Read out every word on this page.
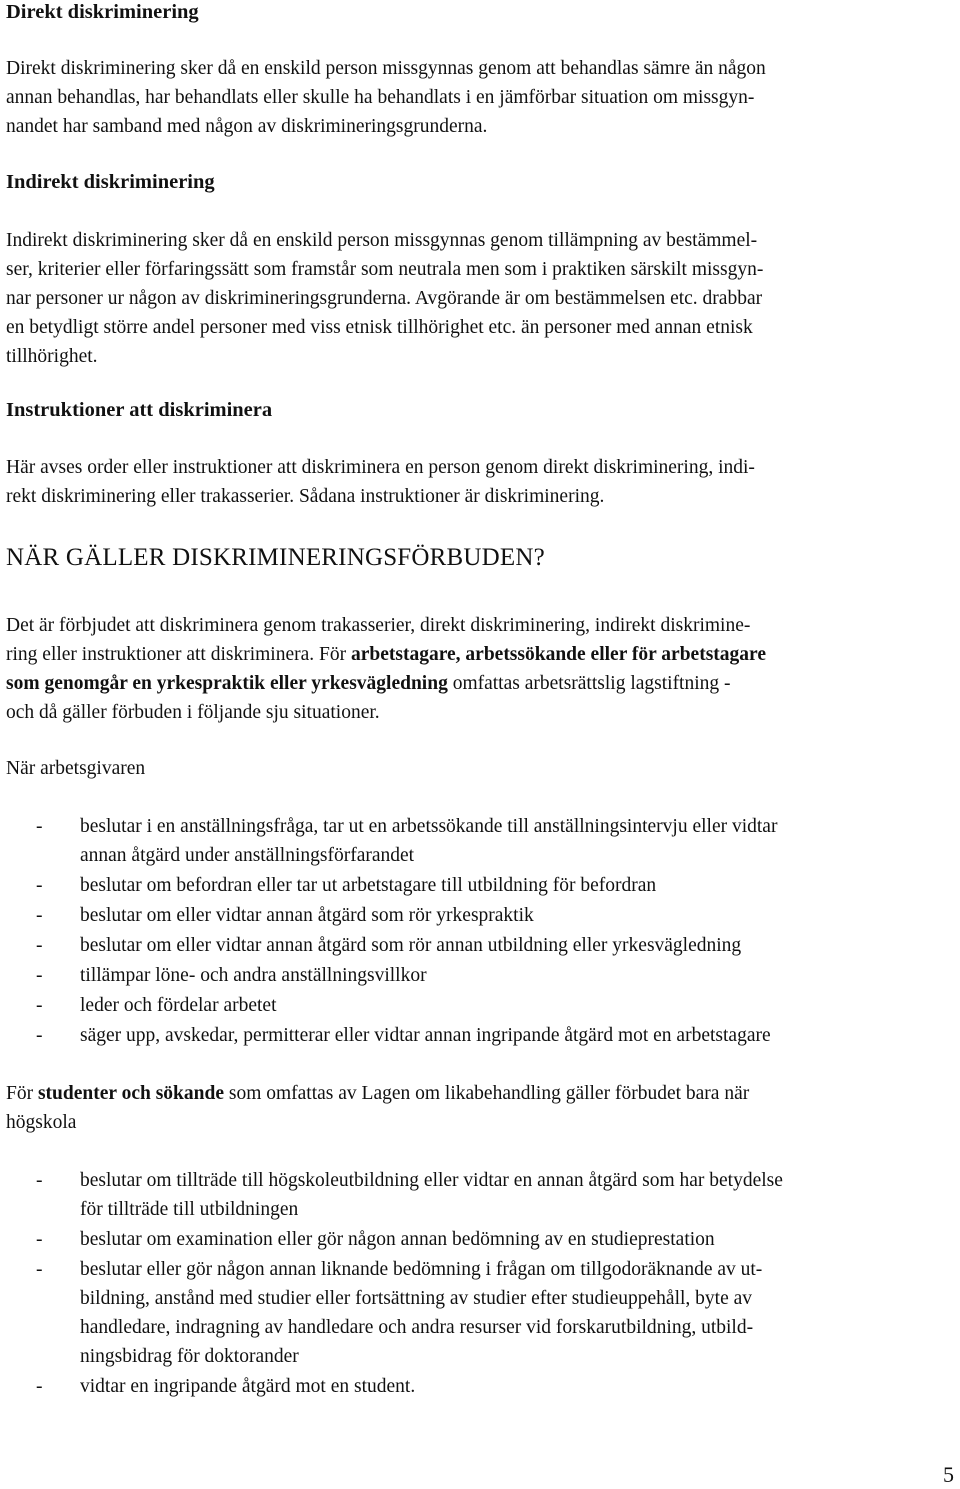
Direkt diskriminering

Direkt diskriminering sker då en enskild person missgynnas genom att behandlas sämre än någon
annan behandlas, har behandlats eller skulle ha behandlats i en jämförbar situation om missgyn-
nandet har samband med någon av diskrimineringsgrunderna.

Indirekt diskriminering

Indirekt diskriminering sker då en enskild person missgynnas genom tillämpning av bestämmel-
ser, kriterier eller förfaringssätt som framstår som neutrala men som i praktiken särskilt missgyn-
nar personer ur någon av diskrimineringsgrunderna. Avgörande är om bestämmelsen etc. drabbar
en betydligt större andel personer med viss etnisk tillhörighet etc. än personer med annan etnisk
tillhörighet.

Instruktioner att diskriminera

Här avses order eller instruktioner att diskriminera en person genom direkt diskriminering, indi-
rekt diskriminering eller trakasserier. Sådana instruktioner är diskriminering.

NÄR GÄLLER DISKRIMINERINGSFÖRBUDEN?

Det är förbjudet att diskriminera genom trakasserier, direkt diskriminering, indirekt diskrimine-
ring eller instruktioner att diskriminera. För arbetstagare, arbetssökande eller för arbetstagare
som genomgår en yrkespraktik eller yrkesvägledning omfattas arbetsrättslig lagstiftning -
och då gäller förbuden i följande sju situationer.
När arbetsgivaren
- beslutar i en anställningsfråga, tar ut en arbetssökande till anställningsintervju eller vidtar
annan åtgärd under anställningsförfarandet
- beslutar om befordran eller tar ut arbetstagare till utbildning för befordran
- beslutar om eller vidtar annan åtgärd som rör yrkespraktik
- beslutar om eller vidtar annan åtgärd som rör annan utbildning eller yrkesvägledning
- tillämpar löne- och andra anställningsvillkor
- leder och fördelar arbetet
- säger upp, avskedar, permitterar eller vidtar annan ingripande åtgärd mot en arbetstagare
För studenter och sökande som omfattas av Lagen om likabehandling gäller förbudet bara när
högskola
- beslutar om tillträde till högskoleutbildning eller vidtar en annan åtgärd som har betydelse
för tillträde till utbildningen
- beslutar om examination eller gör någon annan bedömning av en studieprestation
- beslutar eller gör någon annan liknande bedömning i frågan om tillgodoräknande av ut-
bildning, anstånd med studier eller fortsättning av studier efter studieuppehåll, byte av
handledare, indragning av handledare och andra resurser vid forskarutbildning, utbild-
ningsbidrag för doktorander
- vidtar en ingripande åtgärd mot en student.
5
